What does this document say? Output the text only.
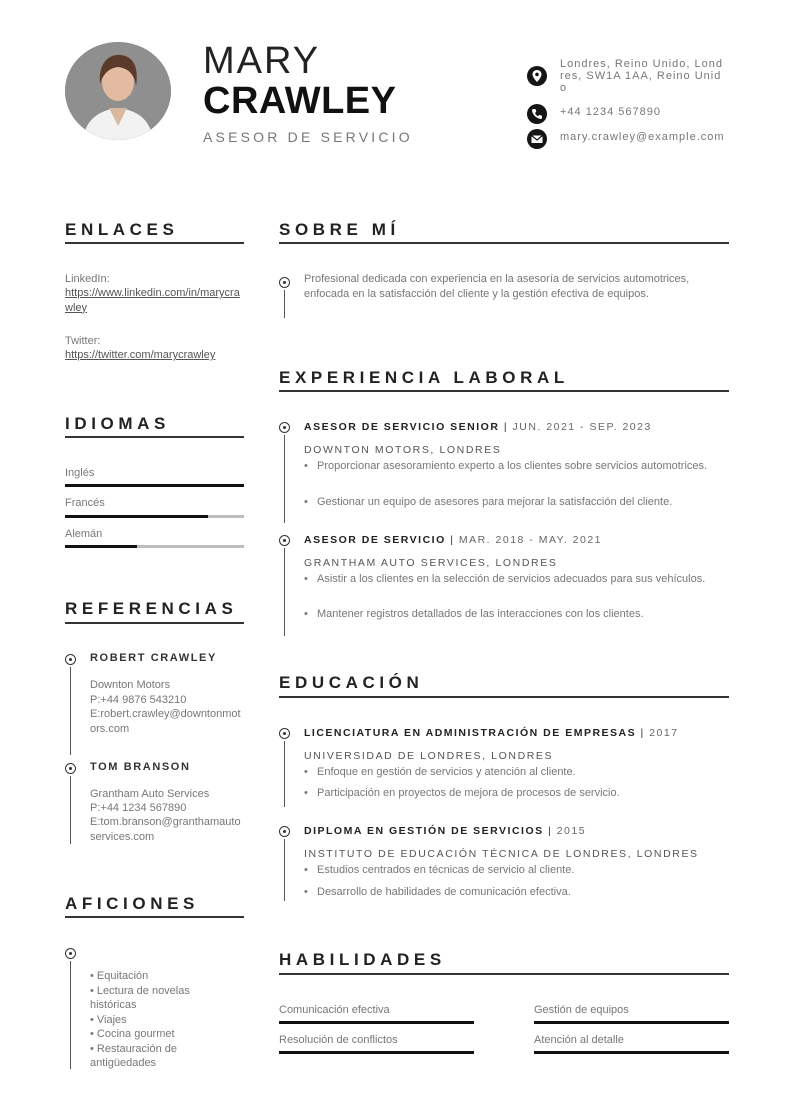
MARY
CRAWLEY
ASESOR DE SERVICIO
Londres, Reino Unido, Londres, SW1A 1AA, Reino Unido
+44 1234 567890
mary.crawley@example.com
ENLACES
LinkedIn:
https://www.linkedin.com/in/marycrawley
Twitter:
https://twitter.com/marycrawley
IDIOMAS
Inglés
Francés
Alemán
REFERENCIAS
ROBERT CRAWLEY
Downton Motors
P:+44 9876 543210
E:robert.crawley@downtonmotors.com
TOM BRANSON
Grantham Auto Services
P:+44 1234 567890
E:tom.branson@granthamautoservices.com
AFICIONES
• Equitación
• Lectura de novelas históricas
• Viajes
• Cocina gourmet
• Restauración de antigüedades
SOBRE MÍ
Profesional dedicada con experiencia en la asesoría de servicios automotrices, enfocada en la satisfacción del cliente y la gestión efectiva de equipos.
EXPERIENCIA LABORAL
ASESOR DE SERVICIO SENIOR | JUN. 2021 - SEP. 2023
DOWNTON MOTORS, LONDRES
• Proporcionar asesoramiento experto a los clientes sobre servicios automotrices.
• Gestionar un equipo de asesores para mejorar la satisfacción del cliente.
ASESOR DE SERVICIO | MAR. 2018 - MAY. 2021
GRANTHAM AUTO SERVICES, LONDRES
• Asistir a los clientes en la selección de servicios adecuados para sus vehículos.
• Mantener registros detallados de las interacciones con los clientes.
EDUCACIÓN
LICENCIATURA EN ADMINISTRACIÓN DE EMPRESAS | 2017
UNIVERSIDAD DE LONDRES, LONDRES
• Enfoque en gestión de servicios y atención al cliente.
• Participación en proyectos de mejora de procesos de servicio.
DIPLOMA EN GESTIÓN DE SERVICIOS | 2015
INSTITUTO DE EDUCACIÓN TÉCNICA DE LONDRES, LONDRES
• Estudios centrados en técnicas de servicio al cliente.
• Desarrollo de habilidades de comunicación efectiva.
HABILIDADES
Comunicación efectiva	Gestión de equipos
Resolución de conflictos	Atención al detalle
